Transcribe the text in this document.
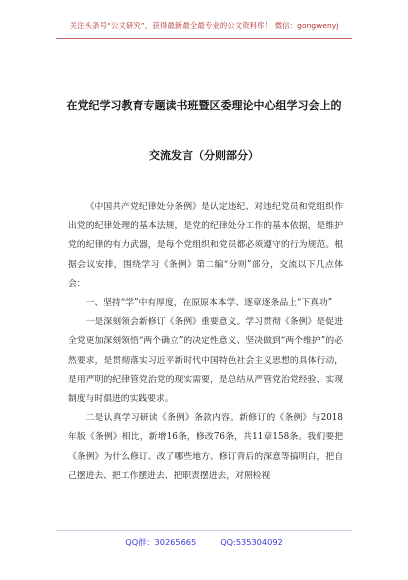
关注头条号“公文研究”，获得最新最全最专业的公文资料库！ 微信：gongwenyj
在党纪学习教育专题读书班暨区委理论中心组学习会上的
交流发言（分则部分）

《中国共产党纪律处分条例》是认定违纪、对违纪党员和党组织作出党的纪律处理的基本法规，是党的纪律处分工作的基本依据，是维护党的纪律的有力武器，是每个党组织和党员都必须遵守的行为规范。根据会议安排，围绕学习《条例》第二编“分则”部分，交流以下几点体会：

一、坚持“学”中有厚度，在原原本本学、逐章逐条品上“下真功”

一是深刻领会新修订《条例》重要意义。学习贯彻《条例》是促进全党更加深刻领悟“两个确立”的决定性意义、坚决做到“两个维护”的必然要求，是贯彻落实习近平新时代中国特色社会主义思想的具体行动，是用严明的纪律管党治党的现实需要，是总结从严管党治党经验、实现制度与时俱进的实践要求。

二是认真学习研读《条例》条款内容。新修订的《条例》与2018年版《条例》相比，新增16条，修改76条，共11章158条。我们要把《条例》为什么修订、改了哪些地方、修订背后的深意等搞明白，把自己摆进去、把工作摆进去、把职责摆进去，对照检视

QQ群：30265665	QQ:535304092
